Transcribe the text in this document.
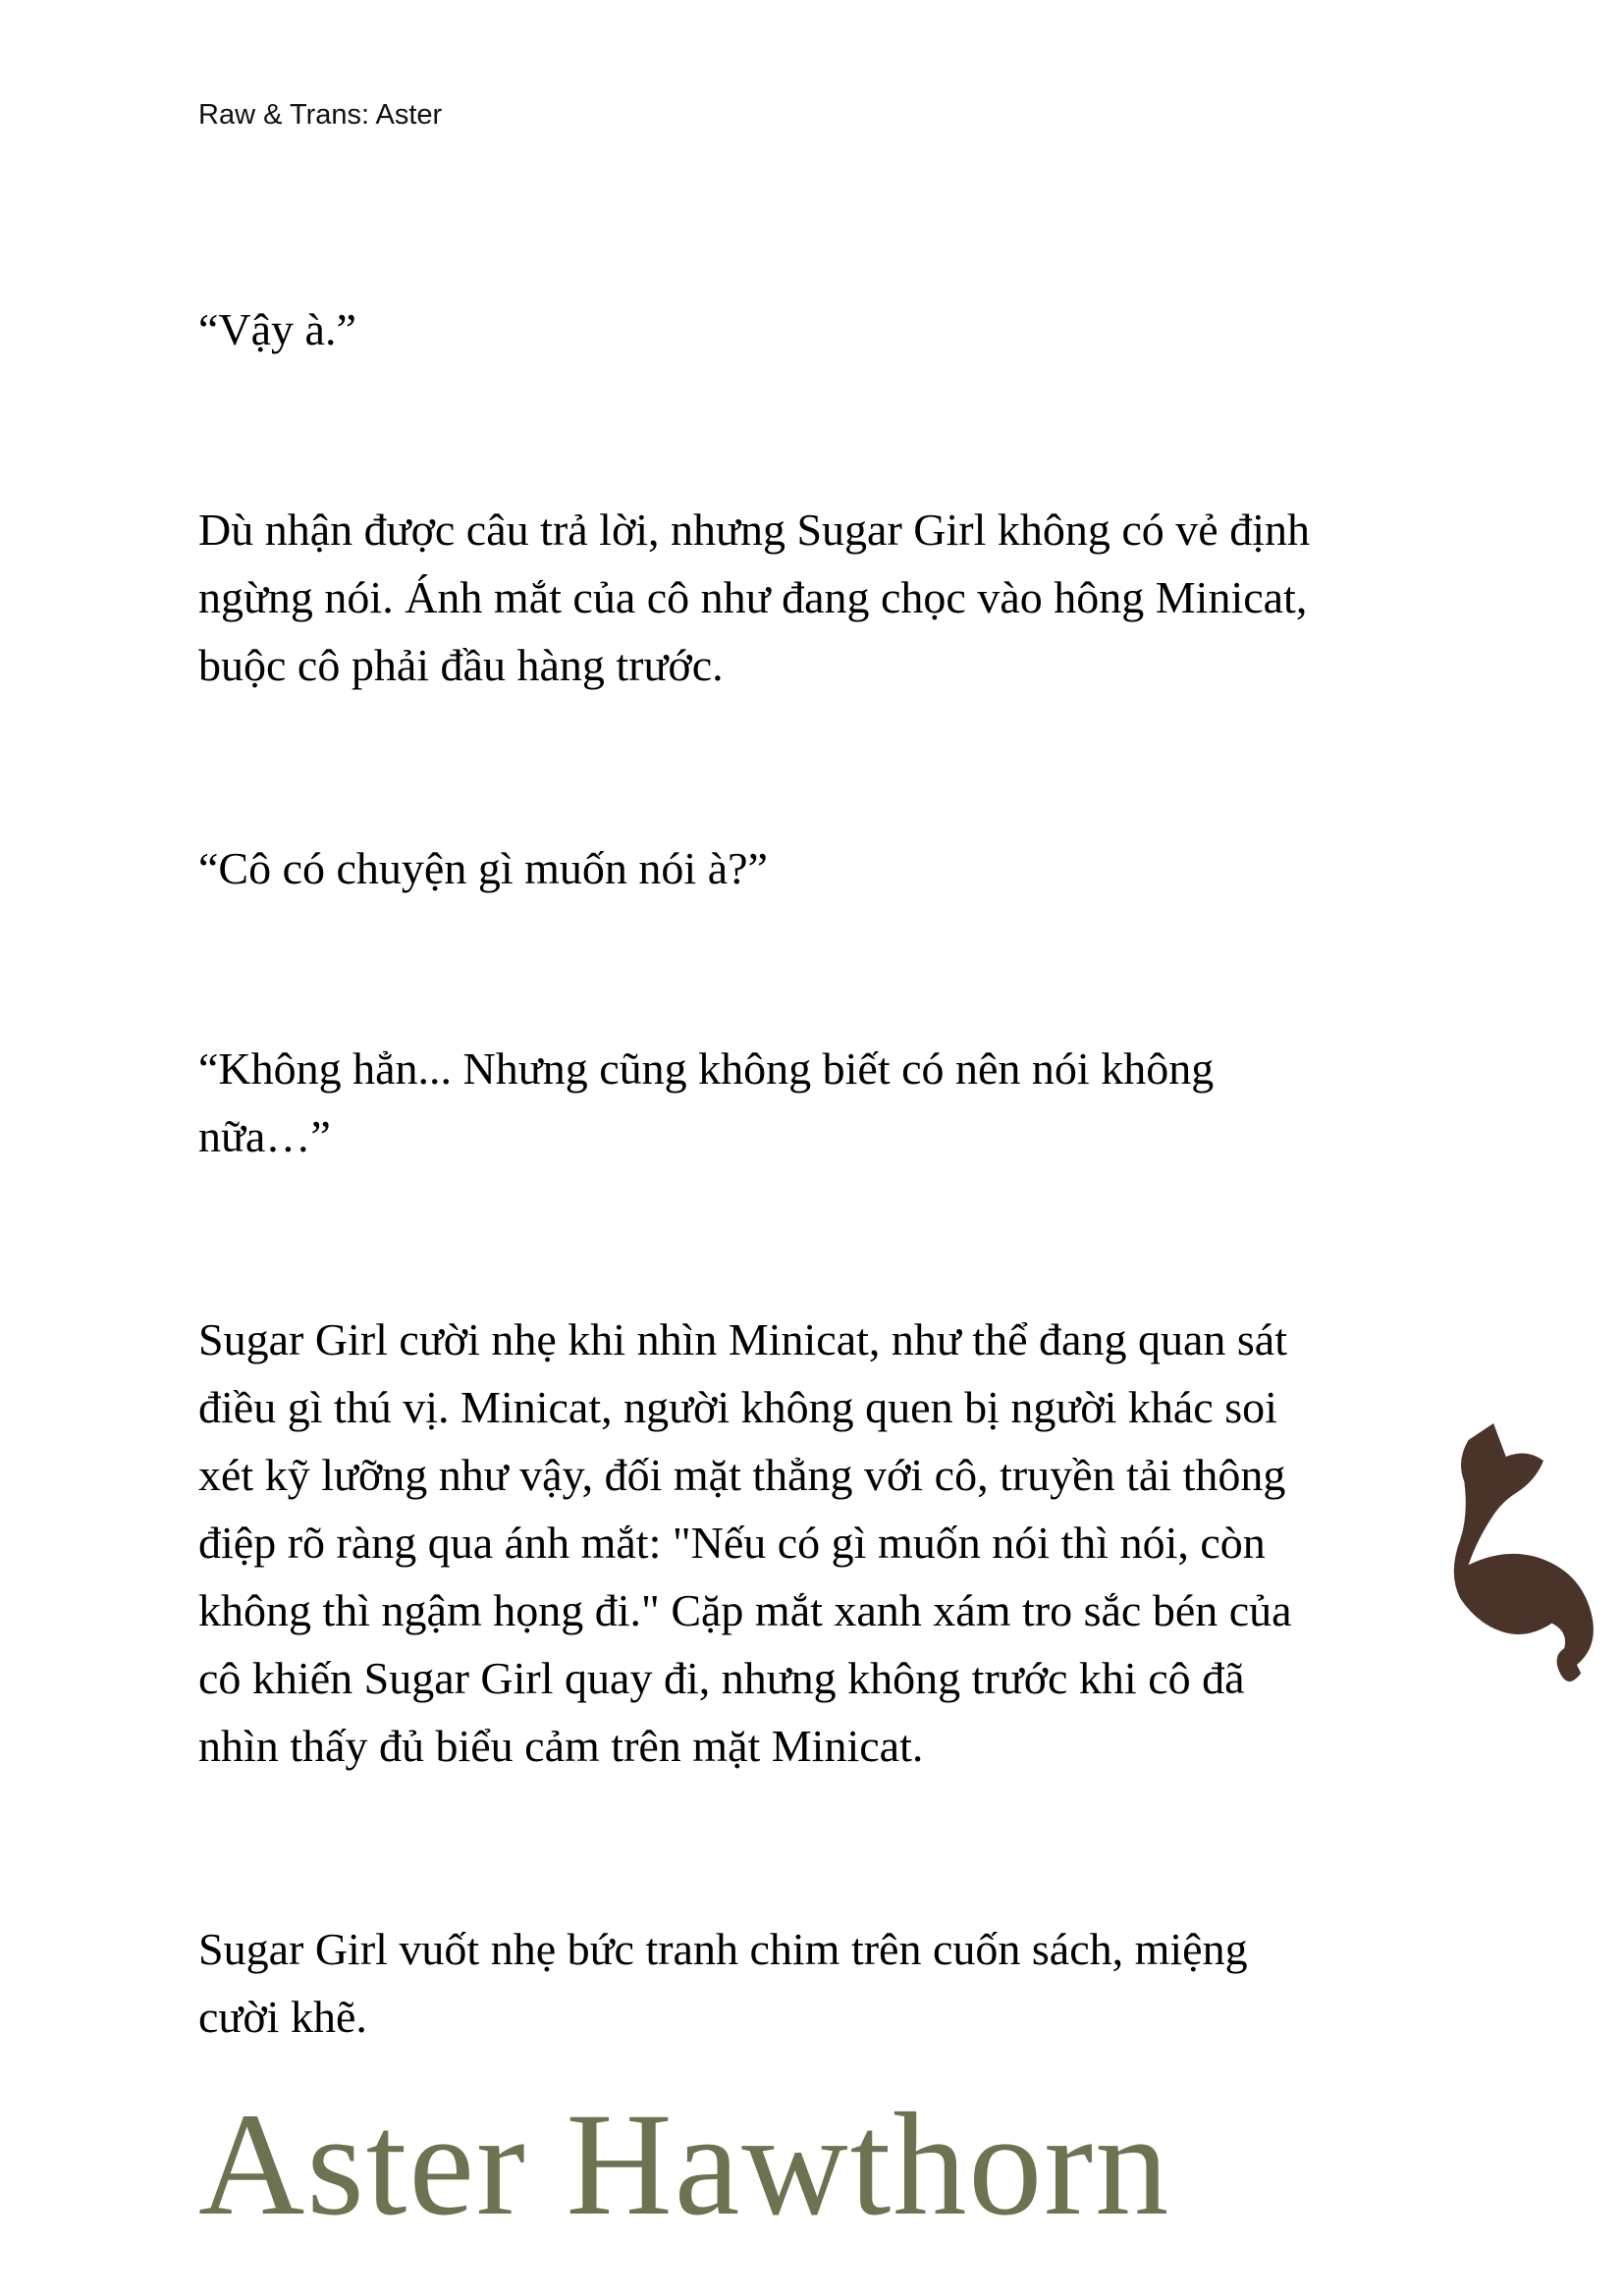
Raw & Trans: Aster
“Vậy à.”
Dù nhận được câu trả lời, nhưng Sugar Girl không có vẻ định
ngừng nói. Ánh mắt của cô như đang chọc vào hông Minicat,
buộc cô phải đầu hàng trước.
“Cô có chuyện gì muốn nói à?”
“Không hẳn... Nhưng cũng không biết có nên nói không
nữa…”
Sugar Girl cười nhẹ khi nhìn Minicat, như thể đang quan sát
điều gì thú vị. Minicat, người không quen bị người khác soi
xét kỹ lưỡng như vậy, đối mặt thẳng với cô, truyền tải thông
điệp rõ ràng qua ánh mắt: "Nếu có gì muốn nói thì nói, còn
không thì ngậm họng đi." Cặp mắt xanh xám tro sắc bén của
cô khiến Sugar Girl quay đi, nhưng không trước khi cô đã
nhìn thấy đủ biểu cảm trên mặt Minicat.
Sugar Girl vuốt nhẹ bức tranh chim trên cuốn sách, miệng
cười khẽ.
Aster Hawthorn
